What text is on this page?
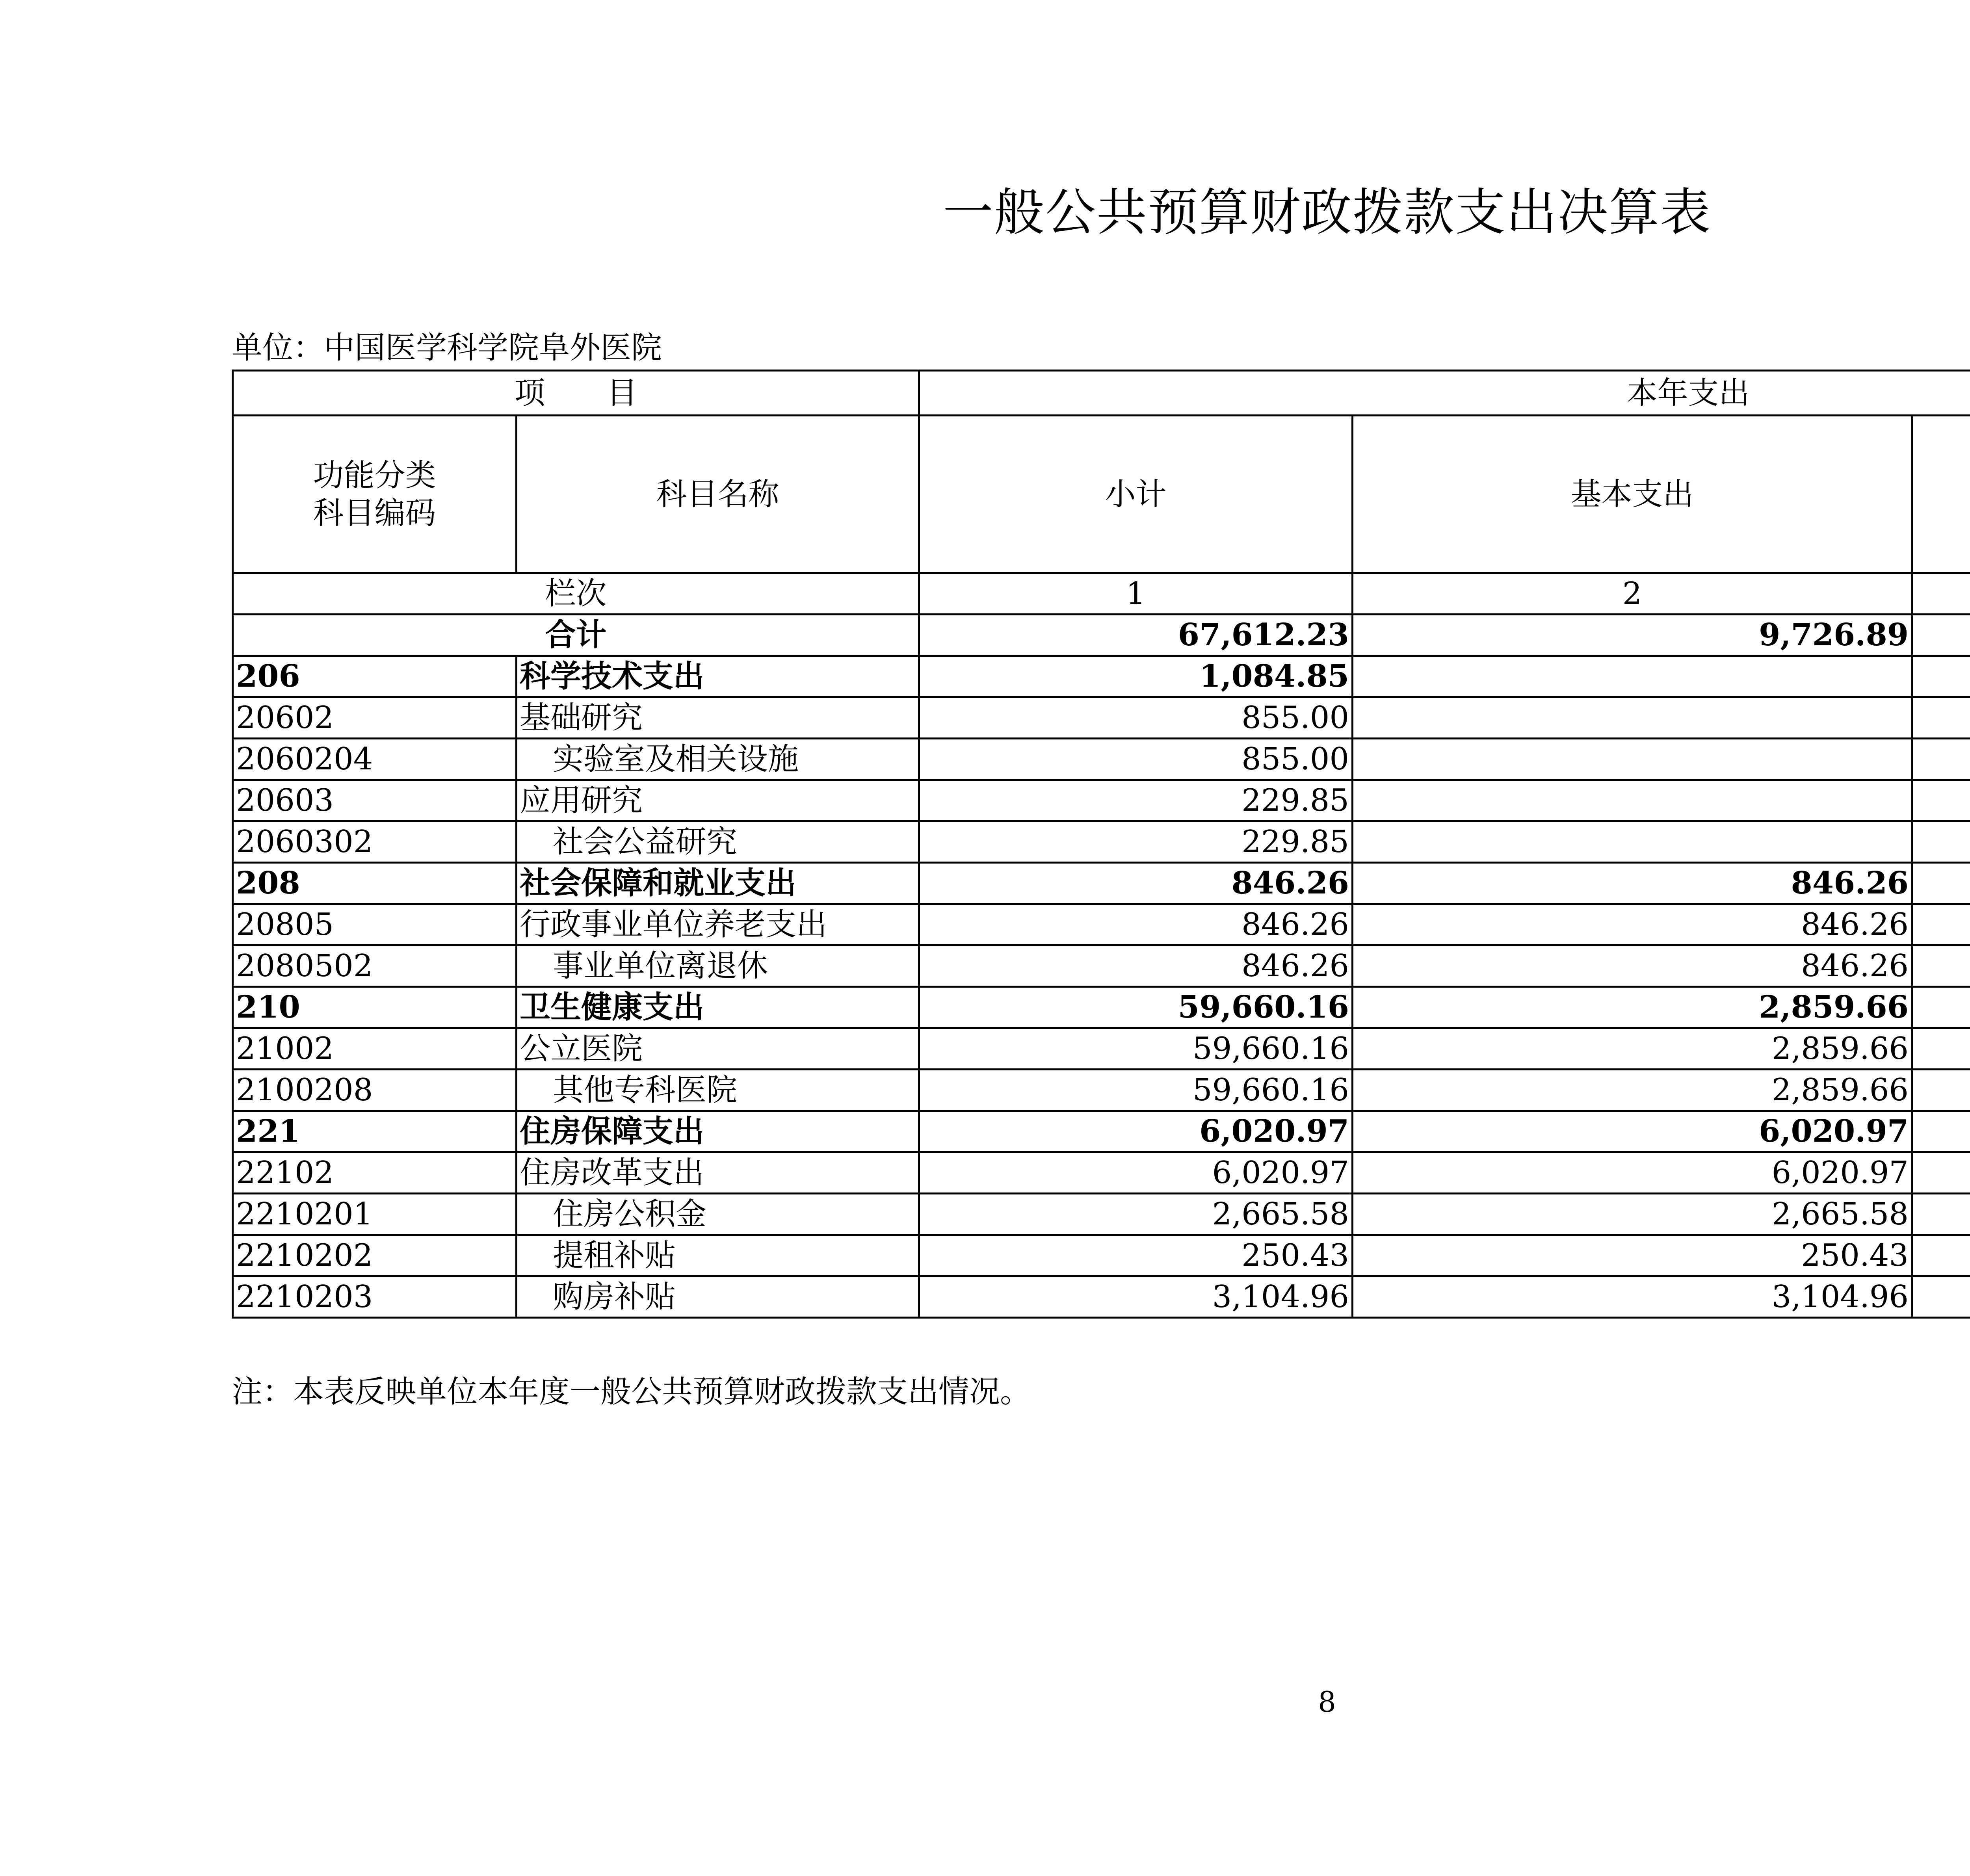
一般公共预算财政拨款支出决算表
单位：中国医学科学院阜外医院
项　　目		本年支出		
功能分类科目编码	科目名称	小计	基本支出	
栏次		1	2	
合计		67,612.23	9,726.89	
206	科学技术支出	1,084.85		
20602	基础研究	855.00		
2060204	实验室及相关设施	855.00		
20603	应用研究	229.85		
2060302	社会公益研究	229.85		
208	社会保障和就业支出	846.26	846.26	
20805	行政事业单位养老支出	846.26	846.26	
2080502	事业单位离退休	846.26	846.26	
210	卫生健康支出	59,660.16	2,859.66	
21002	公立医院	59,660.16	2,859.66	
2100208	其他专科医院	59,660.16	2,859.66	
221	住房保障支出	6,020.97	6,020.97	
22102	住房改革支出	6,020.97	6,020.97	
2210201	住房公积金	2,665.58	2,665.58	
2210202	提租补贴	250.43	250.43	
2210203	购房补贴	3,104.96	3,104.96	
注：本表反映单位本年度一般公共预算财政拨款支出情况。
8
